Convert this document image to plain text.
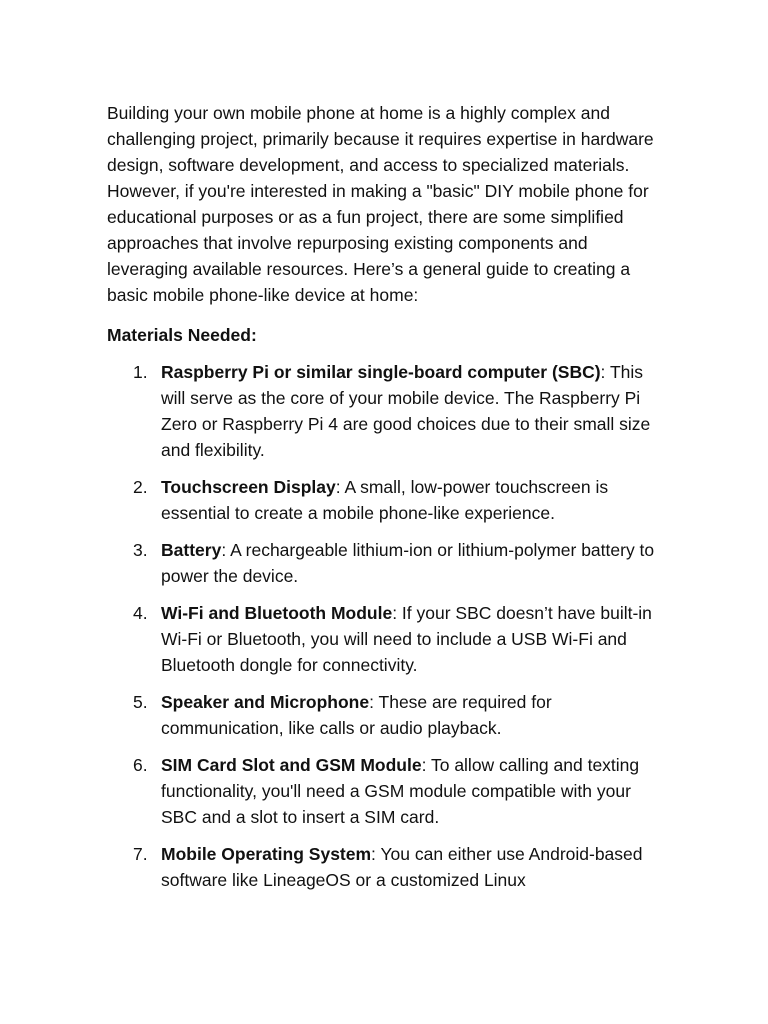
Building your own mobile phone at home is a highly complex and challenging project, primarily because it requires expertise in hardware design, software development, and access to specialized materials. However, if you're interested in making a "basic" DIY mobile phone for educational purposes or as a fun project, there are some simplified approaches that involve repurposing existing components and leveraging available resources. Here’s a general guide to creating a basic mobile phone-like device at home:

Materials Needed:

1. Raspberry Pi or similar single-board computer (SBC): This will serve as the core of your mobile device. The Raspberry Pi Zero or Raspberry Pi 4 are good choices due to their small size and flexibility.
2. Touchscreen Display: A small, low-power touchscreen is essential to create a mobile phone-like experience.
3. Battery: A rechargeable lithium-ion or lithium-polymer battery to power the device.
4. Wi-Fi and Bluetooth Module: If your SBC doesn’t have built-in Wi-Fi or Bluetooth, you will need to include a USB Wi-Fi and Bluetooth dongle for connectivity.
5. Speaker and Microphone: These are required for communication, like calls or audio playback.
6. SIM Card Slot and GSM Module: To allow calling and texting functionality, you'll need a GSM module compatible with your SBC and a slot to insert a SIM card.
7. Mobile Operating System: You can either use Android-based software like LineageOS or a customized Linux
